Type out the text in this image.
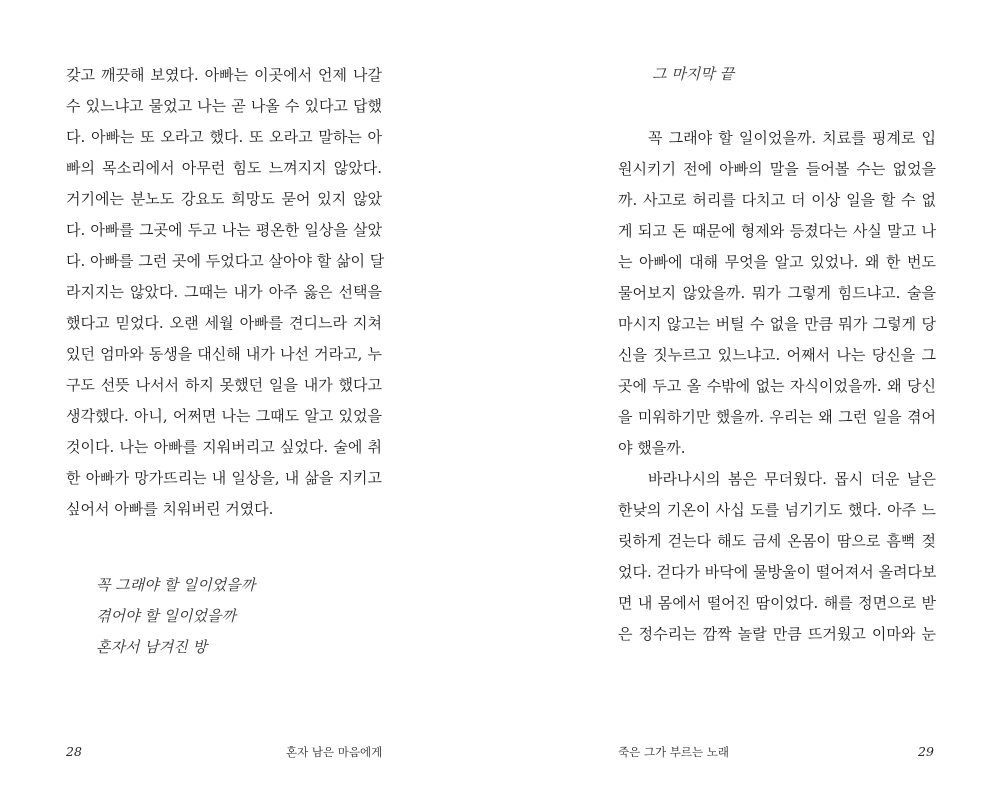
갖고 깨끗해 보였다. 아빠는 이곳에서 언제 나갈
수 있느냐고 물었고 나는 곧 나올 수 있다고 답했
다. 아빠는 또 오라고 했다. 또 오라고 말하는 아
빠의 목소리에서 아무런 힘도 느껴지지 않았다.
거기에는 분노도 강요도 희망도 묻어 있지 않았
다. 아빠를 그곳에 두고 나는 평온한 일상을 살았
다. 아빠를 그런 곳에 두었다고 살아야 할 삶이 달
라지지는 않았다. 그때는 내가 아주 옳은 선택을
했다고 믿었다. 오랜 세월 아빠를 견디느라 지쳐
있던 엄마와 동생을 대신해 내가 나선 거라고, 누
구도 선뜻 나서서 하지 못했던 일을 내가 했다고
생각했다. 아니, 어쩌면 나는 그때도 알고 있었을
것이다. 나는 아빠를 지워버리고 싶었다. 술에 취
한 아빠가 망가뜨리는 내 일상을, 내 삶을 지키고
싶어서 아빠를 치워버린 거였다.
꼭 그래야 할 일이었을까
겪어야 할 일이었을까
혼자서 남겨진 방
28	혼자 남은 마음에게
그 마지막 끝
꼭 그래야 할 일이었을까. 치료를 핑계로 입
원시키기 전에 아빠의 말을 들어볼 수는 없었을
까. 사고로 허리를 다치고 더 이상 일을 할 수 없
게 되고 돈 때문에 형제와 등졌다는 사실 말고 나
는 아빠에 대해 무엇을 알고 있었나. 왜 한 번도
물어보지 않았을까. 뭐가 그렇게 힘드냐고. 술을
마시지 않고는 버틸 수 없을 만큼 뭐가 그렇게 당
신을 짓누르고 있느냐고. 어째서 나는 당신을 그
곳에 두고 올 수밖에 없는 자식이었을까. 왜 당신
을 미워하기만 했을까. 우리는 왜 그런 일을 겪어
야 했을까.
바라나시의 봄은 무더웠다. 몹시 더운 날은
한낮의 기온이 사십 도를 넘기기도 했다. 아주 느
릿하게 걷는다 해도 금세 온몸이 땀으로 흠뻑 젖
었다. 걷다가 바닥에 물방울이 떨어져서 올려다보
면 내 몸에서 떨어진 땀이었다. 해를 정면으로 받
은 정수리는 깜짝 놀랄 만큼 뜨거웠고 이마와 눈
죽은 그가 부르는 노래	29
